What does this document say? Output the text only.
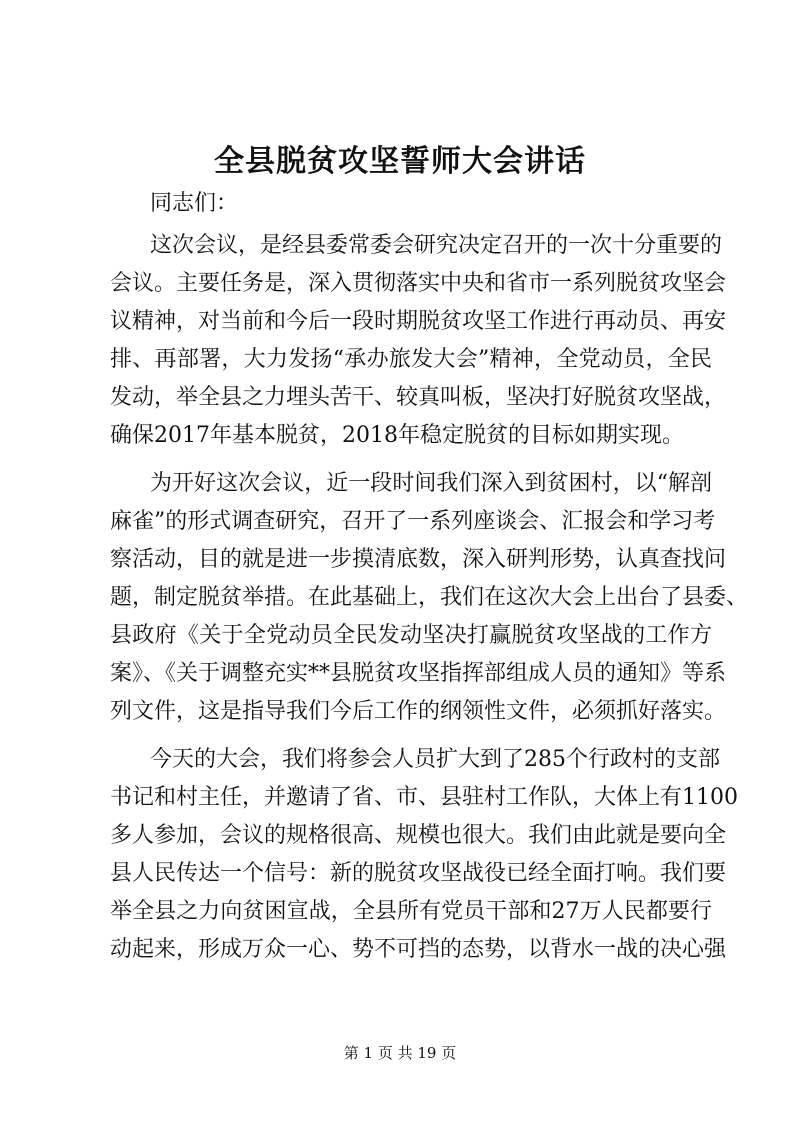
全县脱贫攻坚誓师大会讲话

同志们：

这次会议，是经县委常委会研究决定召开的一次十分重要的

会议。主要任务是，深入贯彻落实中央和省市一系列脱贫攻坚会

议精神，对当前和今后一段时期脱贫攻坚工作进行再动员、再安

排、再部署，大力发扬“承办旅发大会”精神，全党动员，全民

发动，举全县之力埋头苦干、较真叫板，坚决打好脱贫攻坚战，

确保2017年基本脱贫，2018年稳定脱贫的目标如期实现。

为开好这次会议，近一段时间我们深入到贫困村，以“解剖

麻雀”的形式调查研究，召开了一系列座谈会、汇报会和学习考

察活动，目的就是进一步摸清底数，深入研判形势，认真查找问

题，制定脱贫举措。在此基础上，我们在这次大会上出台了县委、

县政府《关于全党动员全民发动坚决打赢脱贫攻坚战的工作方

案》、《关于调整充实**县脱贫攻坚指挥部组成人员的通知》等系

列文件，这是指导我们今后工作的纲领性文件，必须抓好落实。

今天的大会，我们将参会人员扩大到了285个行政村的支部

书记和村主任，并邀请了省、市、县驻村工作队，大体上有1100

多人参加，会议的规格很高、规模也很大。我们由此就是要向全

县人民传达一个信号：新的脱贫攻坚战役已经全面打响。我们要

举全县之力向贫困宣战，全县所有党员干部和27万人民都要行

动起来，形成万众一心、势不可挡的态势，以背水一战的决心强

第 1 页 共 19 页
